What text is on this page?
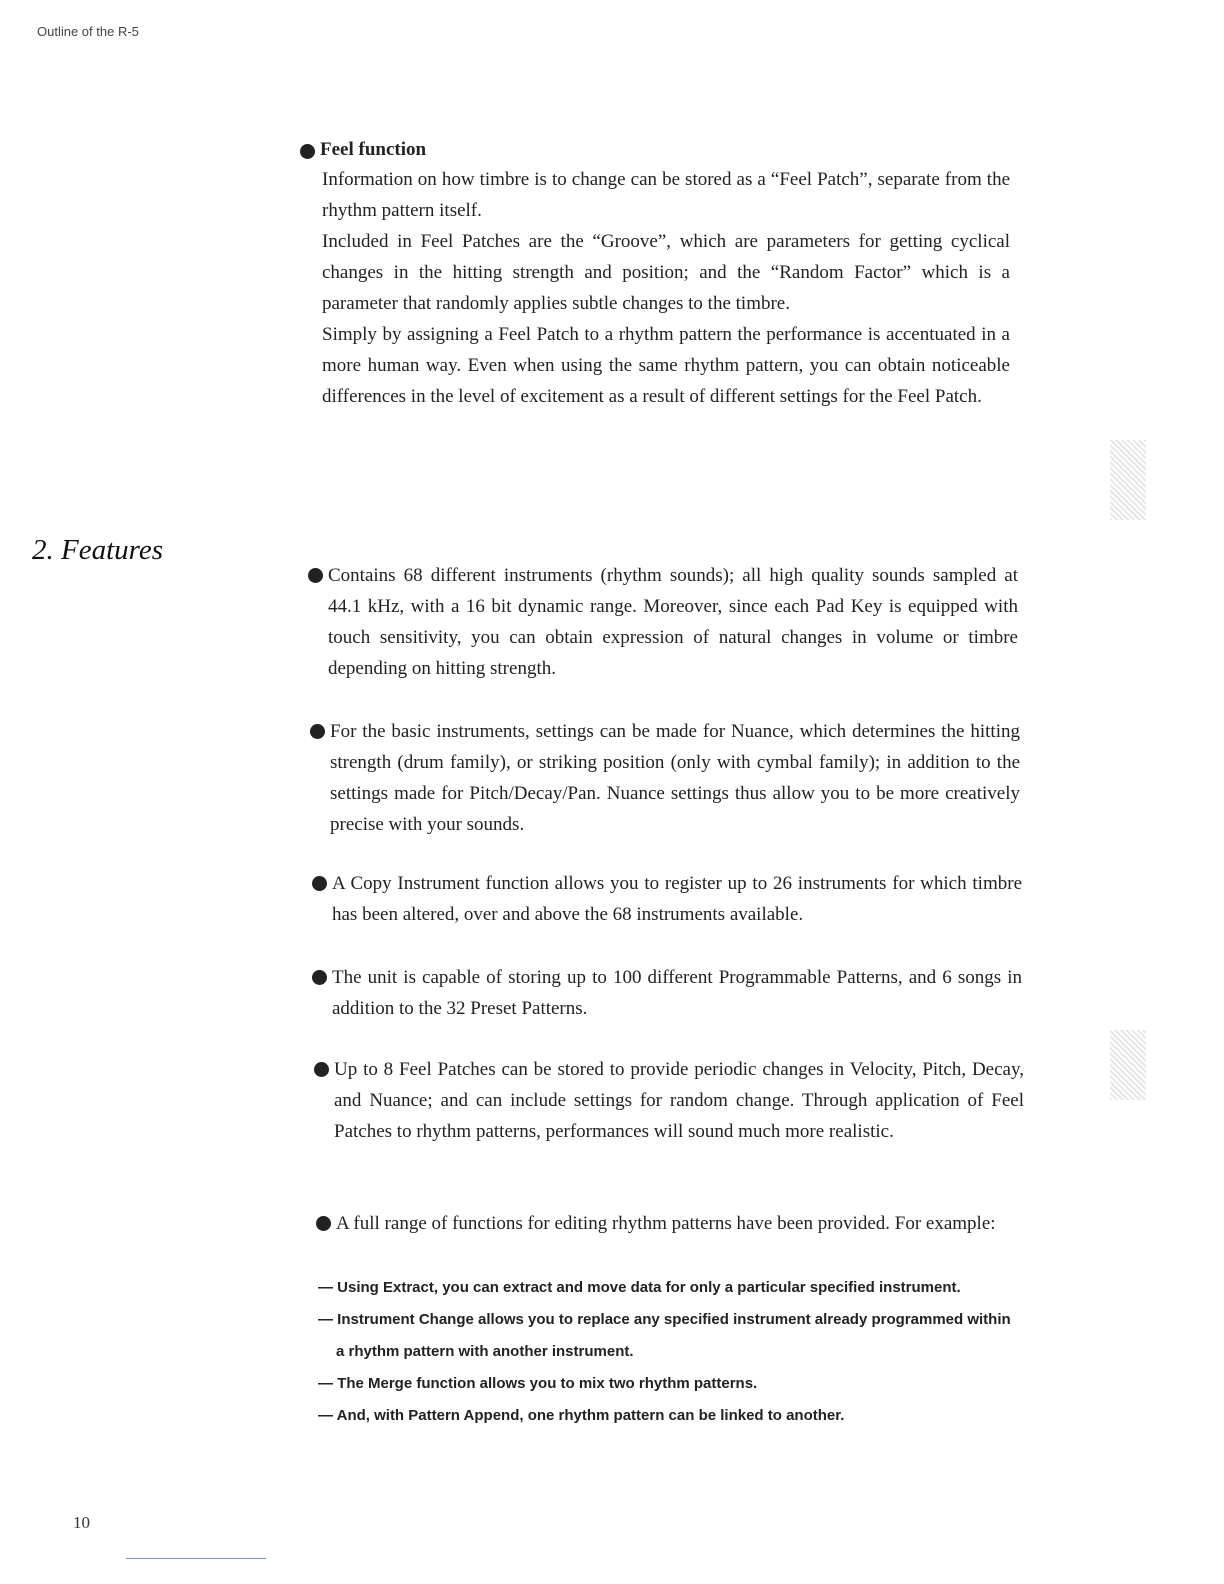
Outline of the R-5

Feel function

Information on how timbre is to change can be stored as a “Feel Patch”, separate from the rhythm pattern itself.

Included in Feel Patches are the “Groove”, which are parameters for getting cyclical changes in the hitting strength and position; and the “Random Factor” which is a parameter that randomly applies subtle changes to the timbre.

Simply by assigning a Feel Patch to a rhythm pattern the performance is accentuated in a more human way. Even when using the same rhythm pattern, you can obtain noticeable differences in the level of excitement as a result of different settings for the Feel Patch.

2. Features

Contains 68 different instruments (rhythm sounds); all high quality sounds sampled at 44.1 kHz, with a 16 bit dynamic range. Moreover, since each Pad Key is equipped with touch sensitivity, you can obtain expression of natural changes in volume or timbre depending on hitting strength.

For the basic instruments, settings can be made for Nuance, which determines the hitting strength (drum family), or striking position (only with cymbal family); in addition to the settings made for Pitch/Decay/Pan. Nuance settings thus allow you to be more creatively precise with your sounds.

A Copy Instrument function allows you to register up to 26 instruments for which timbre has been altered, over and above the 68 instruments available.

The unit is capable of storing up to 100 different Programmable Patterns, and 6 songs in addition to the 32 Preset Patterns.

Up to 8 Feel Patches can be stored to provide periodic changes in Velocity, Pitch, Decay, and Nuance; and can include settings for random change. Through application of Feel Patches to rhythm patterns, performances will sound much more realistic.

A full range of functions for editing rhythm patterns have been provided. For example:

— Using Extract, you can extract and move data for only a particular specified instrument.
— Instrument Change allows you to replace any specified instrument already programmed within a rhythm pattern with another instrument.
— The Merge function allows you to mix two rhythm patterns.
— And, with Pattern Append, one rhythm pattern can be linked to another.
10
